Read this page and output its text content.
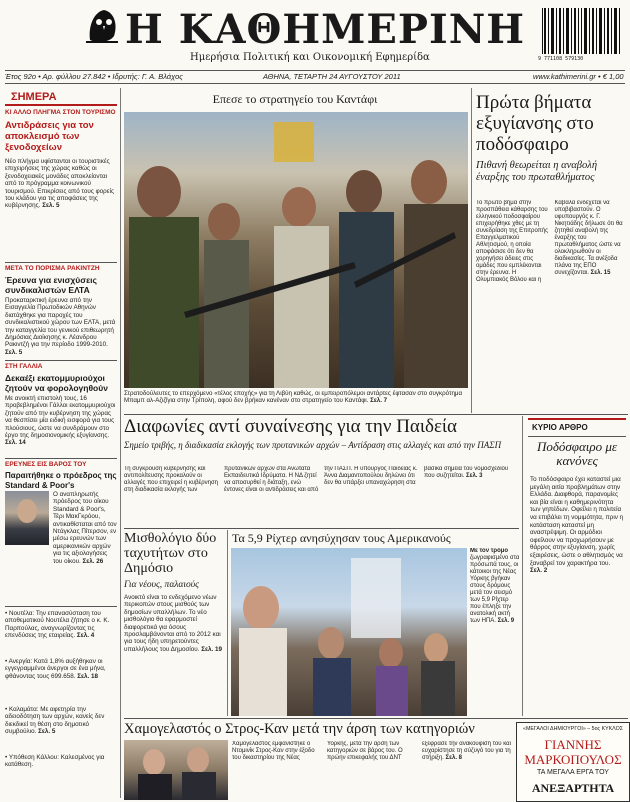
Η ΚΑΘΗΜΕΡΙΝΗ
Ημερήσια Πολιτική και Οικονομική Εφημερίδα	9 771108 579130
Έτος 92ο • Αρ. φύλλου 27.842 • Ιδρυτής: Γ. Α. Βλάχος	ΑΘΗΝΑ, ΤΕΤΑΡΤΗ 24 ΑΥΓΟΥΣΤΟΥ 2011	www.kathimerini.gr • € 1,00
ΣΗΜΕΡΑ
ΚΙ ΑΛΛΟ ΠΛΗΓΜΑ ΣΤΟΝ ΤΟΥΡΙΣΜΟ
Αντιδράσεις για τον αποκλεισμό των ξενοδοχείων
Νέο πλήγμα υφίστανται οι τουριστικές επιχειρήσεις της χώρας καθώς οι ξενοδοχειακές μονάδες αποκλείονται από το πρόγραμμα κοινωνικού τουρισμού. Επικρίσεις από τους φορείς του κλάδου για τις αποφάσεις της κυβέρνησης. Σελ. 5
ΜΕΤΑ ΤΟ ΠΟΡΙΣΜΑ ΡΑΚΙΝΤΖΗ
Έρευνα για ενισχύσεις συνδικαλιστών ΕΛΤΑ
Προκαταρκτική έρευνα από την Εισαγγελία Πρωτοδικών Αθηνών διατάχθηκε για παροχές του συνδικαλιστικού χώρου των ΕΛΤΑ, μετά την καταγγελία του γενικού επιθεωρητή Δημόσιας Διοίκησης κ. Λέανδρου Ρακιντζή για την περίοδο 1999-2010. Σελ. 5
ΣΤΗ ΓΑΛΛΙΑ
Δεκαέξι εκατομμυριούχοι ζητούν να φορολογηθούν
Με ανοικτή επιστολή τους, 16 προβεβλημένοι Γάλλοι εκατομμυριούχοι ζητούν από την κυβέρνηση της χώρας να θεσπίσει μία ειδική εισφορά για τους πλούσιους, ώστε να συνδράμουν στο έργο της δημοσιονομικής εξυγίανσης. Σελ. 14
ΕΡΕΥΝΕΣ ΕΙΣ ΒΑΡΟΣ ΤΟΥ
Παραιτήθηκε ο πρόεδρος της Standard & Poor's
Ο αναπληρωτής πρόεδρος του οίκου Standard & Poor's, Τέρι ΜακΓκρόου, αντικαθίσταται από τον Ντάγκλας Πίτερσον, εν μέσω ερευνών των αμερικανικών αρχών για τις αξιολογήσεις του οίκου. Σελ. 26
• Νουτέλα: Την επανασύσταση του αποθεματικού Νουτέλα ζήτησε ο κ. Κ. Παρπούλας, αναγνωρίζοντας τις επενδύσεις της εταιρείας. Σελ. 4
• Ανεργία: Κατά 1,8% αυξήθηκαν οι εγγεγραμμένοι άνεργοι σε ένα μήνα, φθάνοντας τους 699.658. Σελ. 18
• Καλαμάτα: Με αφετηρία την αδειοδότηση των αρχών, κανείς δεν διεκδικεί τη θέση στο δημοτικό συμβούλιο. Σελ. 5
• Υπόθεση Κάλλου: Καλεσμένος για κατάθεση.
Επεσε το στρατηγείο του Καντάφι
Στρατοδούλευτες το επερχόμενο «τέλος εποχής» για τη Λιβύη καθώς, οι εμπειροπόλεμοι αντάρτες έφτασαν στο συγκρότημα Μπαμπ αλ-Αζιζίγια στην Τρίπολη, αφού δεν βρήκαν κανέναν στο στρατηγείο του Καντάφι. Σελ. 7
Πρώτα βήματα εξυγίανσης στο ποδόσφαιρο
Πιθανή θεωρείται η αναβολή έναρξης του πρωταθλήματος
Το πρώτο βήμα στην προσπάθεια κάθαρσης του ελληνικού ποδοσφαίρου επιχειρήθηκε χθες με τη συνεδρίαση της Επιτροπής Επαγγελματικού Αθλητισμού, η οποία αποφάσισε ότι δεν θα χορηγήσει άδειες στις ομάδες που εμπλέκονται στην έρευνα. Η Ολυμπιακός Βόλου και η Καβάλα ενδέχεται να υποβιβαστούν. Ο υφυπουργός κ. Γ. Νικητιάδης δήλωσε ότι θα ζητηθεί αναβολή της έναρξης του πρωταθλήματος ώστε να ολοκληρωθούν οι διαδικασίες. Τα ανέξοδα πλάνα της ΕΠΟ συνεχίζονται. Σελ. 15
Διαφωνίες αντί συναίνεσης για την Παιδεία
Σημείο τριβής, η διαδικασία εκλογής των πρυτανικών αρχών – Αντίδραση στις αλλαγές και από την ΠΑΣΠ
Τη σύγκρουση κυβέρνησης και αντιπολίτευσης προκαλούν οι αλλαγές που επιχειρεί η κυβέρνηση στη διαδικασία εκλογής των πρυτανικών αρχών στα Ανώτατα Εκπαιδευτικά Ιδρύματα. Η ΝΔ ζητεί να αποσυρθεί η διάταξη, ενώ έντονες είναι οι αντιδράσεις και από την ΠΑΣΠ. Η υπουργός Παιδείας κ. Άννα Διαμαντοπούλου δηλώνει ότι δεν θα υπάρξει υπαναχώρηση στα βασικά σημεία του νομοσχεδίου που συζητείται. Σελ. 3
ΚΥΡΙΟ ΑΡΘΡΟ
Ποδόσφαιρο με κανόνες
Το ποδόσφαιρο έχει καταστεί μια μεγάλη αιτία προβλημάτων στην Ελλάδα. Διαφθορά, παρανομίες και βία είναι η καθημερινότητα των γηπέδων. Οφείλει η πολιτεία να επιβάλει τη νομιμότητα, πριν η κατάσταση καταστεί μη αναστρέψιμη. Οι αρμόδιοι οφείλουν να προχωρήσουν με θάρρος στην εξυγίανση, χωρίς εξαιρέσεις, ώστε ο αθλητισμός να ξαναβρεί τον χαρακτήρα του. Σελ. 2
Μισθολόγιο δύο ταχυτήτων στο Δημόσιο
Για νέους, παλαιούς
Ανοικτό είναι το ενδεχόμενο νέων περικοπών στους μισθούς των δημοσίων υπαλλήλων. Το νέο μισθολόγιο θα εφαρμοστεί διαφορετικά για όσους προσλαμβάνονται από το 2012 και για τους ήδη υπηρετούντες υπαλλήλους του Δημοσίου. Σελ. 19
Τα 5,9 Ρίχτερ ανησύχησαν τους Αμερικανούς
Με τον τρόμο ζωγραφισμένο στα πρόσωπά τους, οι κάτοικοι της Νέας Υόρκης βγήκαν στους δρόμους μετά τον σεισμό των 5,9 Ρίχτερ που έπληξε την ανατολική ακτή των ΗΠΑ. Σελ. 9
Χαμογελαστός ο Στρος-Καν μετά την άρση των κατηγοριών
Χαμογελαστός εμφανίστηκε ο Ντομινίκ Στρος-Καν στην έξοδο του δικαστηρίου της Νέας Υόρκης, μετά την άρση των κατηγοριών σε βάρος του. Ο πρώην επικεφαλής του ΔΝΤ εξέφρασε την ανακούφισή του και ευχαρίστησε τη σύζυγό του για τη στήριξη. Σελ. 8
«ΜΕΓΑΛΟΙ ΔΗΜΙΟΥΡΓΟΙ» – 5ος ΚΥΚΛΟΣ
ΓΙΑΝΝΗΣ
ΜΑΡΚΟΠΟΥΛΟΣ
ΤΑ ΜΕΓΑΛΑ ΕΡΓΑ ΤΟΥ
ΑΝΕΞΑΡΤΗΤΑ
